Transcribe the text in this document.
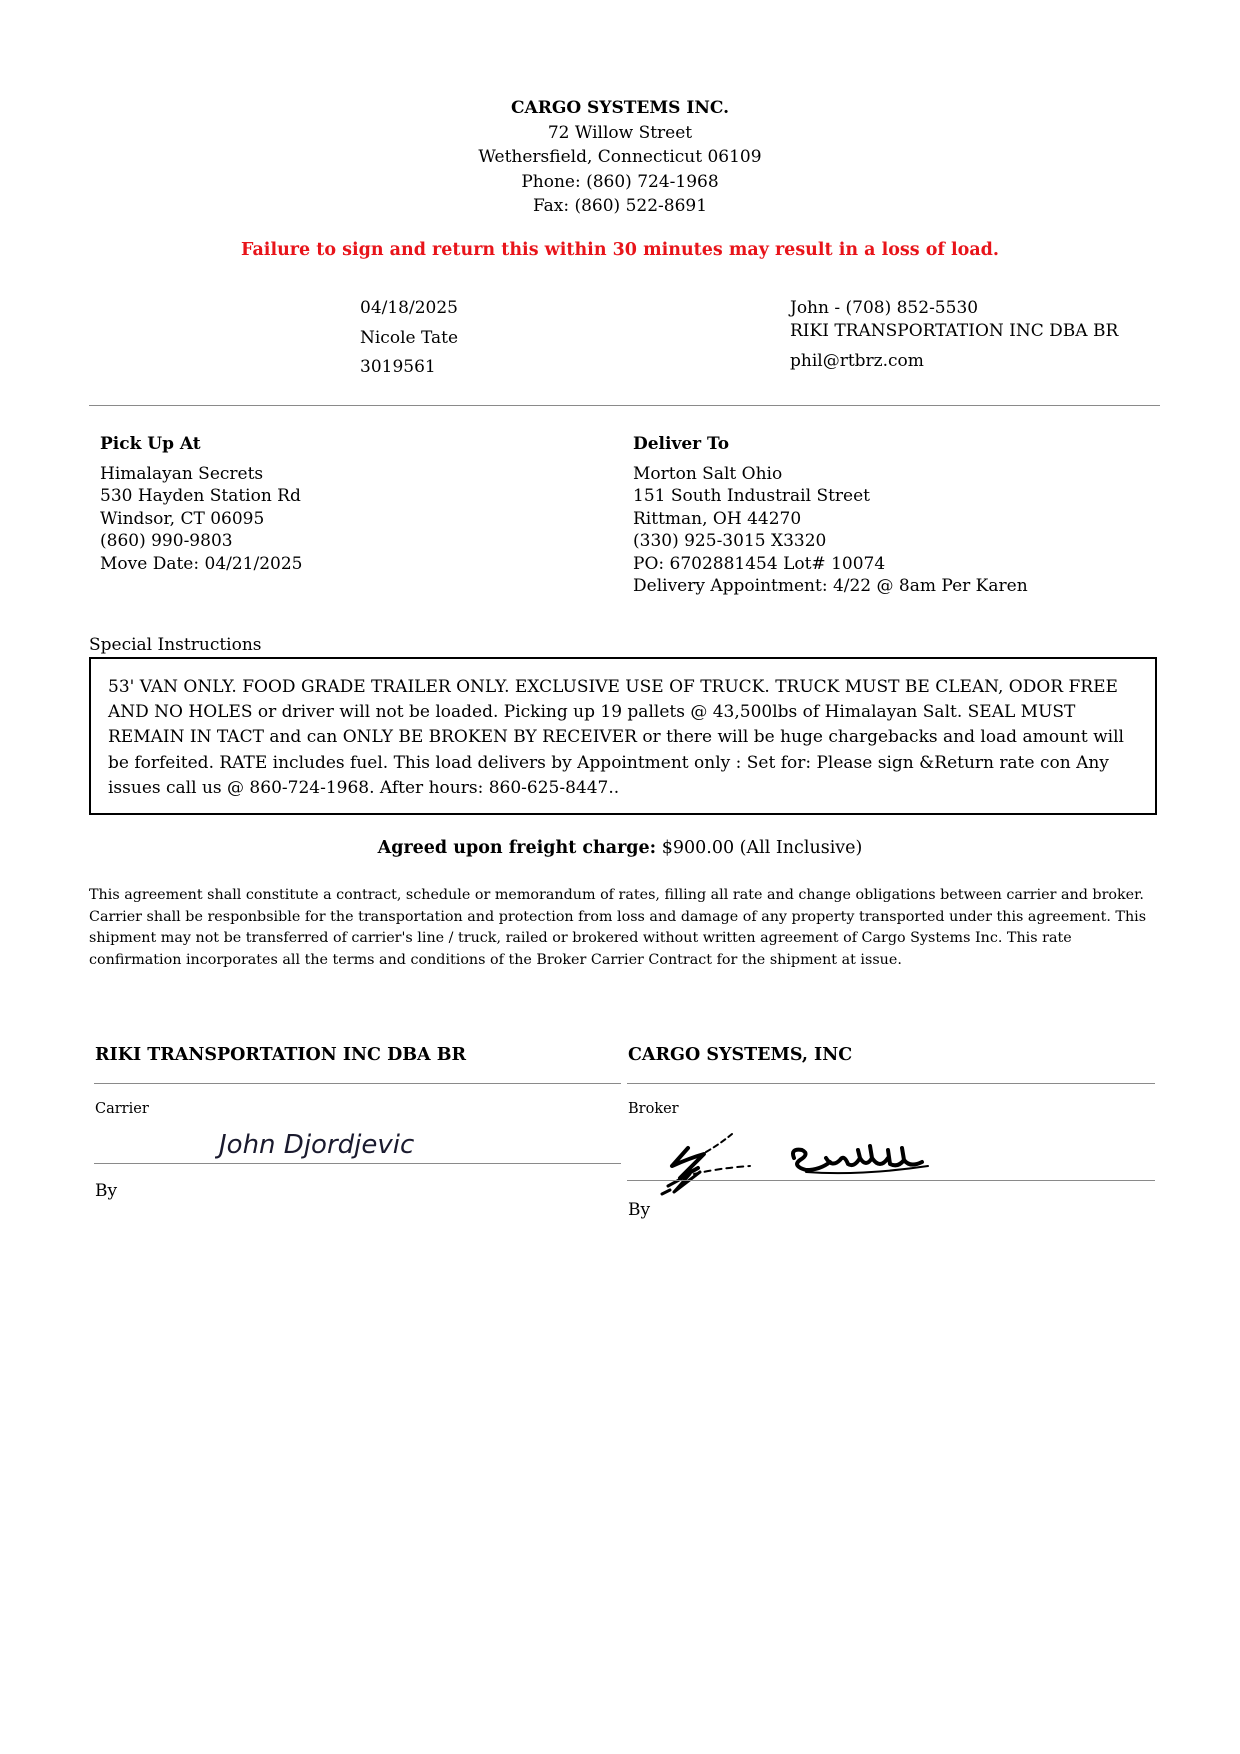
CARGO SYSTEMS INC.
72 Willow Street
Wethersfield, Connecticut 06109
Phone: (860) 724-1968
Fax: (860) 522-8691
Failure to sign and return this within 30 minutes may result in a loss of load.
04/18/2025
Nicole Tate
3019561
John - (708) 852-5530
RIKI TRANSPORTATION INC DBA BR
phil@rtbrz.com
Pick Up At
Himalayan Secrets
530 Hayden Station Rd
Windsor, CT 06095
(860) 990-9803
Move Date: 04/21/2025
Deliver To
Morton Salt Ohio
151 South Industrail Street
Rittman, OH 44270
(330) 925-3015 X3320
PO: 6702881454 Lot# 10074
Delivery Appointment: 4/22 @ 8am Per Karen
Special Instructions
53' VAN ONLY. FOOD GRADE TRAILER ONLY. EXCLUSIVE USE OF TRUCK. TRUCK MUST BE CLEAN, ODOR FREE AND NO HOLES or driver will not be loaded. Picking up 19 pallets @ 43,500lbs of Himalayan Salt. SEAL MUST REMAIN IN TACT and can ONLY BE BROKEN BY RECEIVER or there will be huge chargebacks and load amount will be forfeited. RATE includes fuel. This load delivers by Appointment only : Set for: Please sign &Return rate con Any issues call us @ 860-724-1968. After hours: 860-625-8447..
Agreed upon freight charge: $900.00 (All Inclusive)
This agreement shall constitute a contract, schedule or memorandum of rates, filling all rate and change obligations between carrier and broker. Carrier shall be responbsible for the transportation and protection from loss and damage of any property transported under this agreement. This shipment may not be transferred of carrier's line / truck, railed or brokered without written agreement of Cargo Systems Inc. This rate confirmation incorporates all the terms and conditions of the Broker Carrier Contract for the shipment at issue.
RIKI TRANSPORTATION INC DBA BR
Carrier
John Djordjevic
By
CARGO SYSTEMS, INC
Broker
By
